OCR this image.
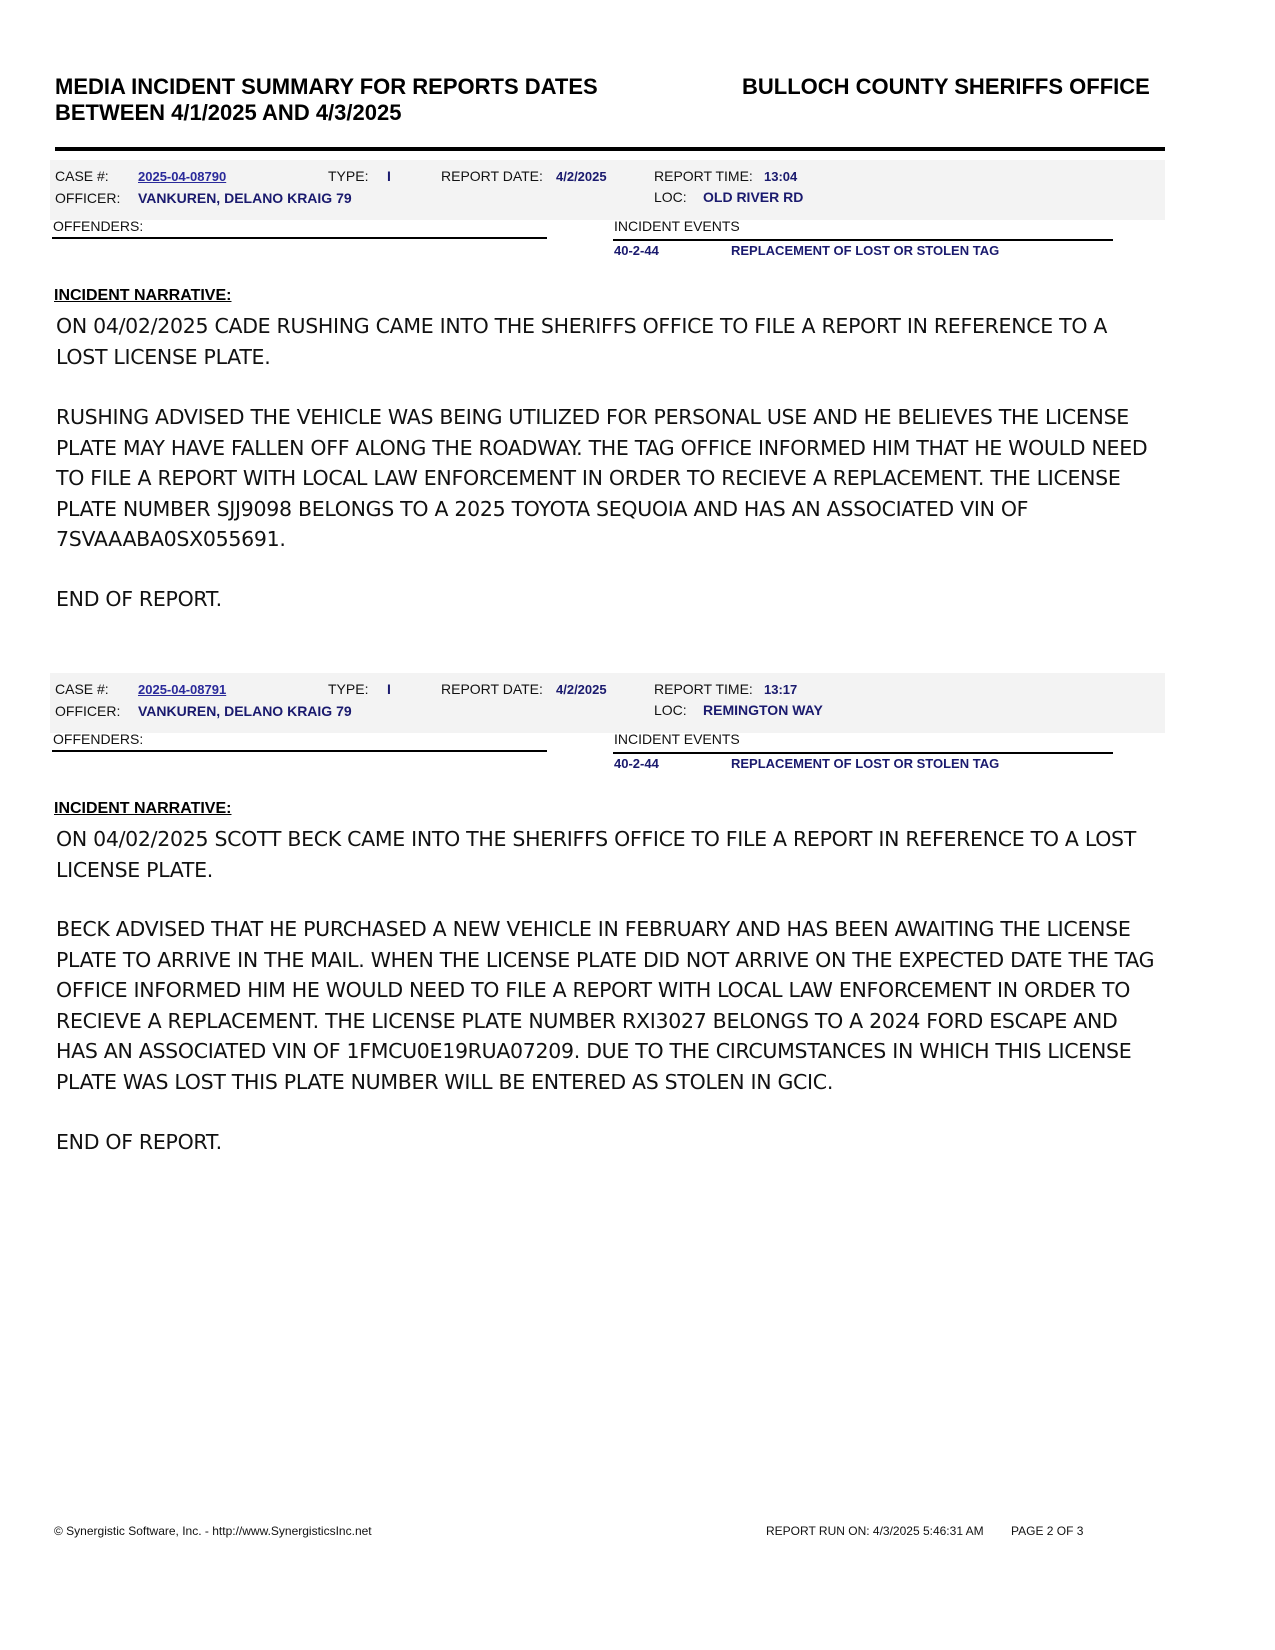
MEDIA INCIDENT SUMMARY FOR REPORTS DATES BETWEEN 4/1/2025 AND 4/3/2025
BULLOCH COUNTY SHERIFFS OFFICE
CASE #: 2025-04-08790	TYPE: I	REPORT DATE: 4/2/2025	REPORT TIME: 13:04
OFFICER: VANKUREN, DELANO KRAIG 79	LOC: OLD RIVER RD
OFFENDERS:	INCIDENT EVENTS
40-2-44	REPLACEMENT OF LOST OR STOLEN TAG
INCIDENT NARRATIVE:
ON 04/02/2025 CADE RUSHING CAME INTO THE SHERIFFS OFFICE TO FILE A REPORT IN REFERENCE TO A LOST LICENSE PLATE.
RUSHING ADVISED THE VEHICLE WAS BEING UTILIZED FOR PERSONAL USE AND HE BELIEVES THE LICENSE PLATE MAY HAVE FALLEN OFF ALONG THE ROADWAY. THE TAG OFFICE INFORMED HIM THAT HE WOULD NEED TO FILE A REPORT WITH LOCAL LAW ENFORCEMENT IN ORDER TO RECIEVE A REPLACEMENT. THE LICENSE PLATE NUMBER SJJ9098 BELONGS TO A 2025 TOYOTA SEQUOIA AND HAS AN ASSOCIATED VIN OF 7SVAAABA0SX055691.
END OF REPORT.
CASE #: 2025-04-08791	TYPE: I	REPORT DATE: 4/2/2025	REPORT TIME: 13:17
OFFICER: VANKUREN, DELANO KRAIG 79	LOC: REMINGTON WAY
OFFENDERS:	INCIDENT EVENTS
40-2-44	REPLACEMENT OF LOST OR STOLEN TAG
INCIDENT NARRATIVE:
ON 04/02/2025 SCOTT BECK CAME INTO THE SHERIFFS OFFICE TO FILE A REPORT IN REFERENCE TO A LOST LICENSE PLATE.
BECK ADVISED THAT HE PURCHASED A NEW VEHICLE IN FEBRUARY AND HAS BEEN AWAITING THE LICENSE PLATE TO ARRIVE IN THE MAIL. WHEN THE LICENSE PLATE DID NOT ARRIVE ON THE EXPECTED DATE THE TAG OFFICE INFORMED HIM HE WOULD NEED TO FILE A REPORT WITH LOCAL LAW ENFORCEMENT IN ORDER TO RECIEVE A REPLACEMENT. THE LICENSE PLATE NUMBER RXI3027 BELONGS TO A 2024 FORD ESCAPE AND HAS AN ASSOCIATED VIN OF 1FMCU0E19RUA07209. DUE TO THE CIRCUMSTANCES IN WHICH THIS LICENSE PLATE WAS LOST THIS PLATE NUMBER WILL BE ENTERED AS STOLEN IN GCIC.
END OF REPORT.
© Synergistic Software, Inc. - http://www.SynergisticsInc.net	REPORT RUN ON: 4/3/2025 5:46:31 AM PAGE 2 OF 3
